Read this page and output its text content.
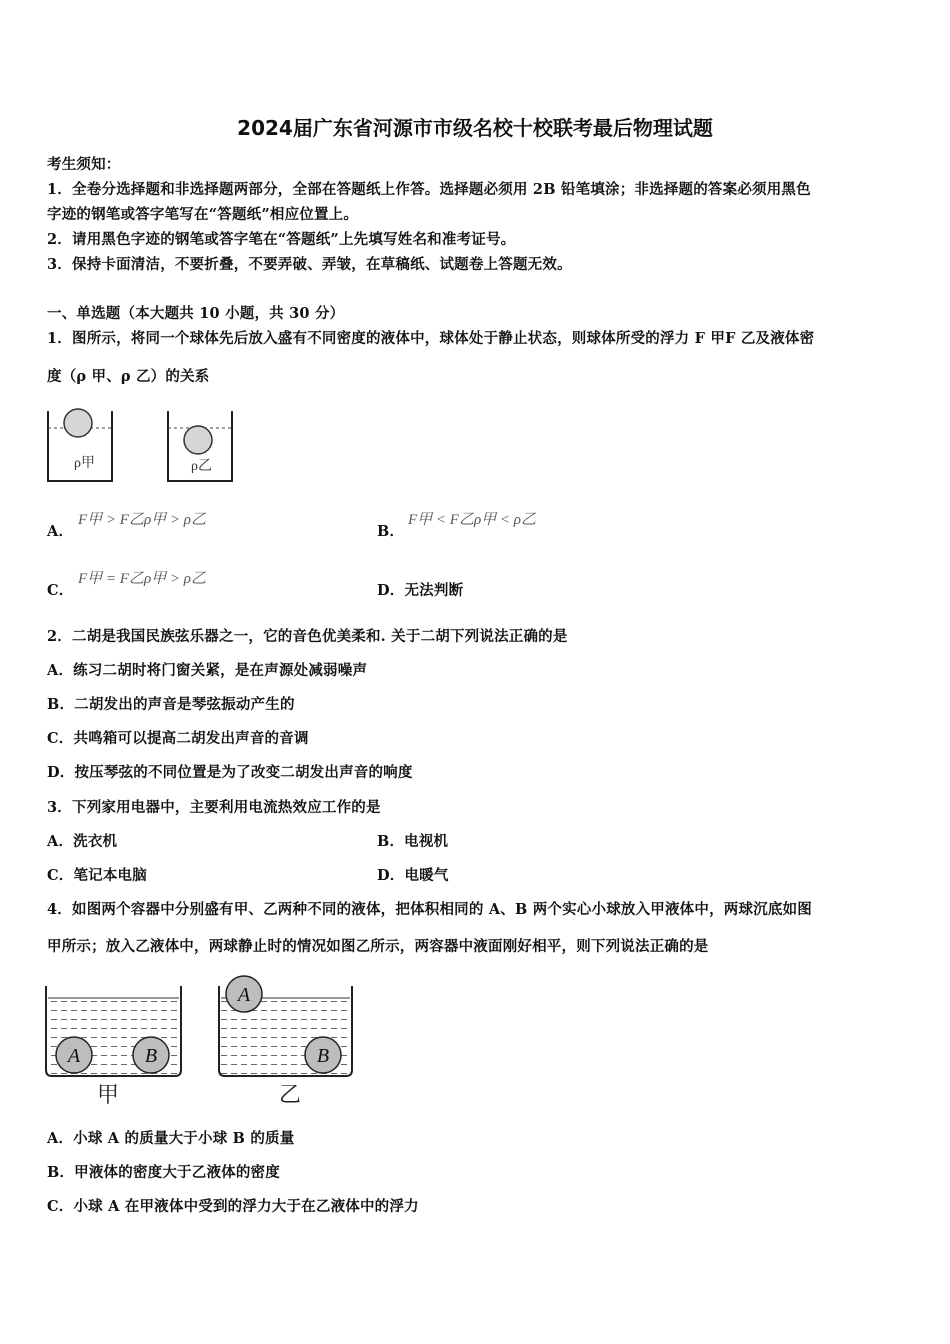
2024届广东省河源市市级名校十校联考最后物理试题
考生须知：
1．全卷分选择题和非选择题两部分，全部在答题纸上作答。选择题必须用 2B 铅笔填涂；非选择题的答案必须用黑色
字迹的钢笔或答字笔写在“答题纸”相应位置上。
2．请用黑色字迹的钢笔或答字笔在“答题纸”上先填写姓名和准考证号。
3．保持卡面清洁，不要折叠，不要弄破、弄皱，在草稿纸、试题卷上答题无效。
一、单选题（本大题共 10 小题，共 30 分）
1．图所示，将同一个球体先后放入盛有不同密度的液体中，球体处于静止状态，则球体所受的浮力 F 甲F 乙及液体密
度（ρ 甲、ρ 乙）的关系
ρ甲	ρ乙
A．
F甲 > F乙ρ甲 > ρ乙
B．
F甲 < F乙ρ甲 < ρ乙
C．
F甲 = F乙ρ甲 > ρ乙
D．无法判断
2．二胡是我国民族弦乐器之一，它的音色优美柔和. 关于二胡下列说法正确的是
A．练习二胡时将门窗关紧，是在声源处减弱噪声
B．二胡发出的声音是琴弦振动产生的
C．共鸣箱可以提高二胡发出声音的音调
D．按压琴弦的不同位置是为了改变二胡发出声音的响度
3．下列家用电器中，主要利用电流热效应工作的是
A．洗衣机	B．电视机
C．笔记本电脑	D．电暖气
4．如图两个容器中分别盛有甲、乙两种不同的液体，把体积相同的 A、B 两个实心小球放入甲液体中，两球沉底如图
甲所示；放入乙液体中，两球静止时的情况如图乙所示，两容器中液面刚好相平，则下列说法正确的是
A	B
甲
A
B
乙
A．小球 A 的质量大于小球 B 的质量
B．甲液体的密度大于乙液体的密度
C．小球 A 在甲液体中受到的浮力大于在乙液体中的浮力
